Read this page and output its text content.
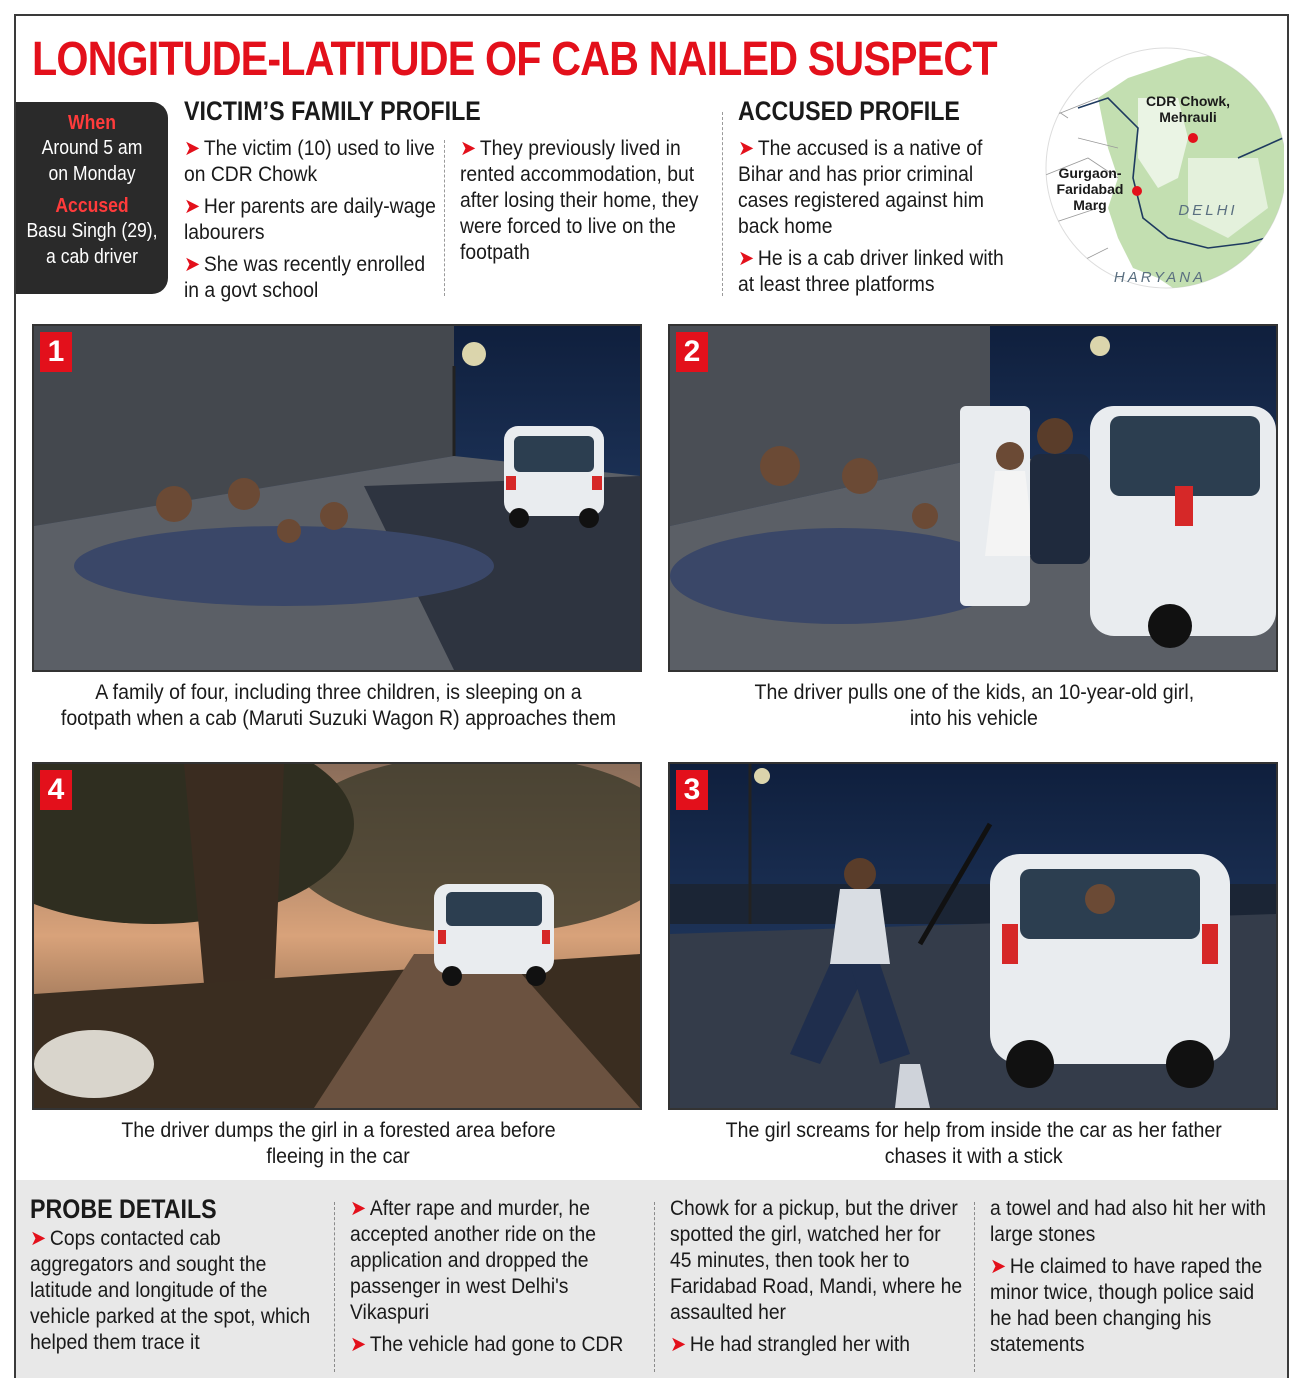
LONGITUDE-LATITUDE OF CAB NAILED SUSPECT
When
Around 5 am
on Monday
Accused
Basu Singh (29),
a cab driver
VICTIM’S FAMILY PROFILE

➤ The victim (10) used to live on CDR Chowk

➤ Her parents are daily-wage labourers

➤ She was recently enrolled in a govt school

➤ They previously lived in rented accommodation, but after losing their home, they were forced to live on the footpath

ACCUSED PROFILE

➤ The accused is a native of Bihar and has prior criminal cases registered against him back home

➤ He is a cab driver linked with at least three platforms

CDR Chowk,
Mehrauli
Gurgaon-
Faridabad
Marg	DELHI
HARYANA
1
A family of four, including three children, is sleeping on a
footpath when a cab (Maruti Suzuki Wagon R) approaches them
2
The driver pulls one of the kids, an 10-year-old girl,
into his vehicle
4
The driver dumps the girl in a forested area before
fleeing in the car
3
The girl screams for help from inside the car as her father
chases it with a stick
PROBE DETAILS

➤ Cops contacted cab aggregators and sought the latitude and longitude of the vehicle parked at the spot, which helped them trace it

➤ After rape and murder, he accepted another ride on the application and dropped the passenger in west Delhi's Vikaspuri

➤ The vehicle had gone to CDR

Chowk for a pickup, but the driver spotted the girl, watched her for 45 minutes, then took her to Faridabad Road, Mandi, where he assaulted her

➤ He had strangled her with

a towel and had also hit her with large stones

➤ He claimed to have raped the minor twice, though police said he had been changing his statements
